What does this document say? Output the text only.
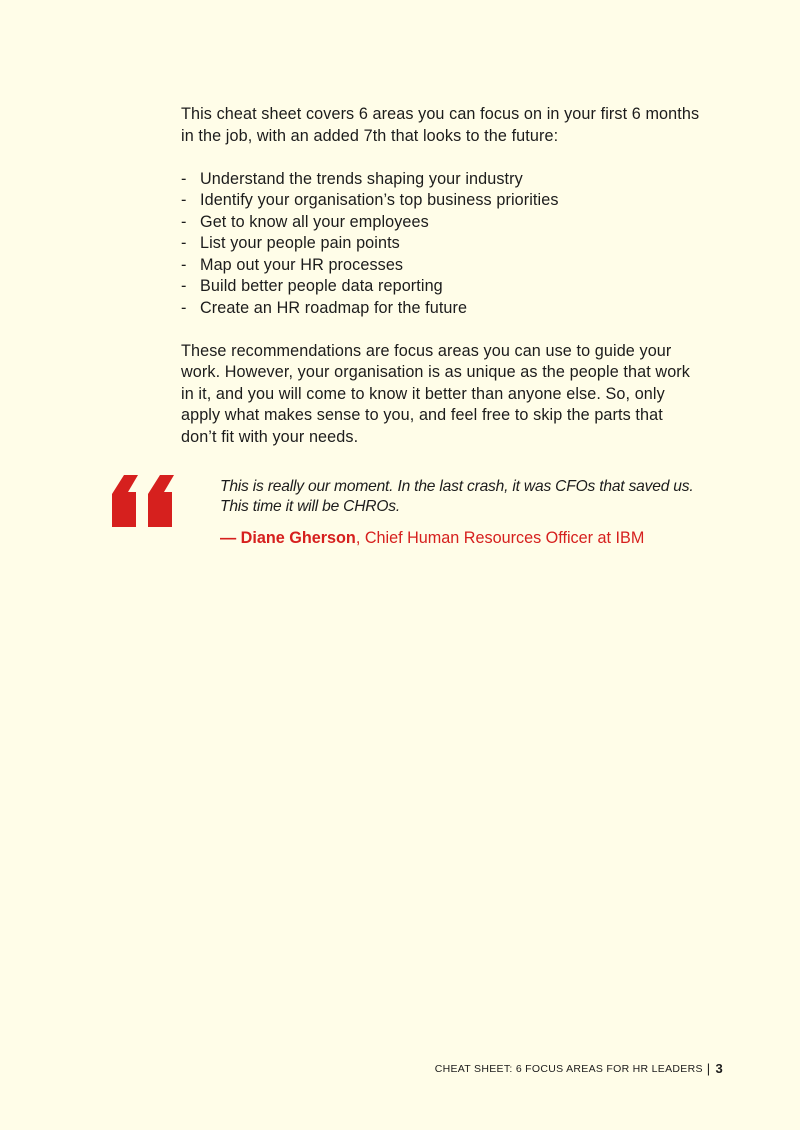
This cheat sheet covers 6 areas you can focus on in your first 6 months in the job, with an added 7th that looks to the future:

- Understand the trends shaping your industry
- Identify your organisation’s top business priorities
- Get to know all your employees
- List your people pain points
- Map out your HR processes
- Build better people data reporting
- Create an HR roadmap for the future

These recommendations are focus areas you can use to guide your work. However, your organisation is as unique as the people that work in it, and you will come to know it better than anyone else. So, only apply what makes sense to you, and feel free to skip the parts that don’t fit with your needs.

This is really our moment. In the last crash, it was CFOs that saved us. This time it will be CHROs.

— Diane Gherson, Chief Human Resources Officer at IBM

CHEAT SHEET: 6 FOCUS AREAS FOR HR LEADERS | 3
